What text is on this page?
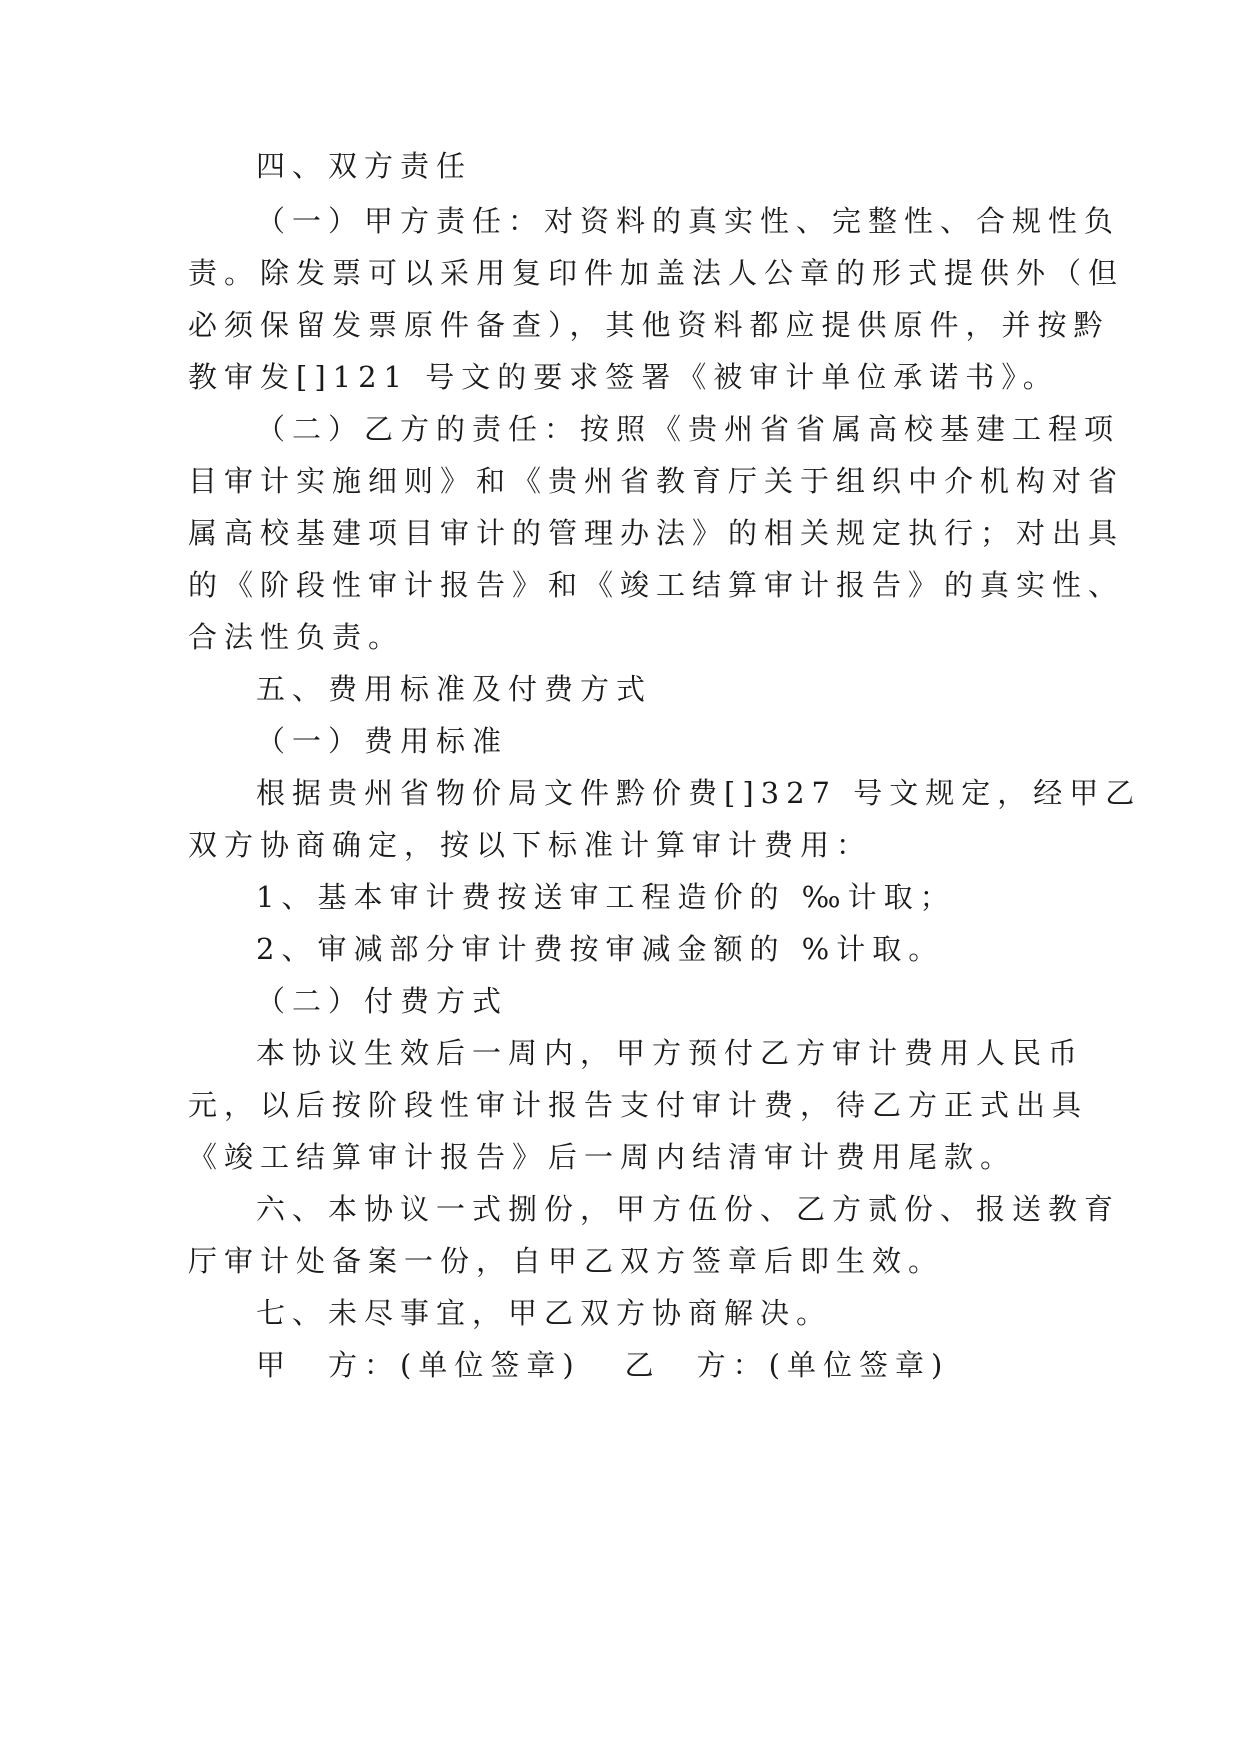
四、双方责任
（一）甲方责任：对资料的真实性、完整性、合规性负
责。除发票可以采用复印件加盖法人公章的形式提供外（但
必须保留发票原件备查），其他资料都应提供原件，并按黔
教审发[]121 号文的要求签署《被审计单位承诺书》。
（二）乙方的责任：按照《贵州省省属高校基建工程项
目审计实施细则》和《贵州省教育厅关于组织中介机构对省
属高校基建项目审计的管理办法》的相关规定执行；对出具
的《阶段性审计报告》和《竣工结算审计报告》的真实性、
合法性负责。
五、费用标准及付费方式
（一）费用标准
根据贵州省物价局文件黔价费[]327 号文规定，经甲乙
双方协商确定，按以下标准计算审计费用：
1、基本审计费按送审工程造价的 ‰计取；
2、审减部分审计费按审减金额的 %计取。
（二）付费方式
本协议生效后一周内，甲方预付乙方审计费用人民币
元，以后按阶段性审计报告支付审计费，待乙方正式出具
《竣工结算审计报告》后一周内结清审计费用尾款。
六、本协议一式捌份，甲方伍份、乙方贰份、报送教育
厅审计处备案一份，自甲乙双方签章后即生效。
七、未尽事宜，甲乙双方协商解决。
甲　方：(单位签章) 乙　方：(单位签章)
